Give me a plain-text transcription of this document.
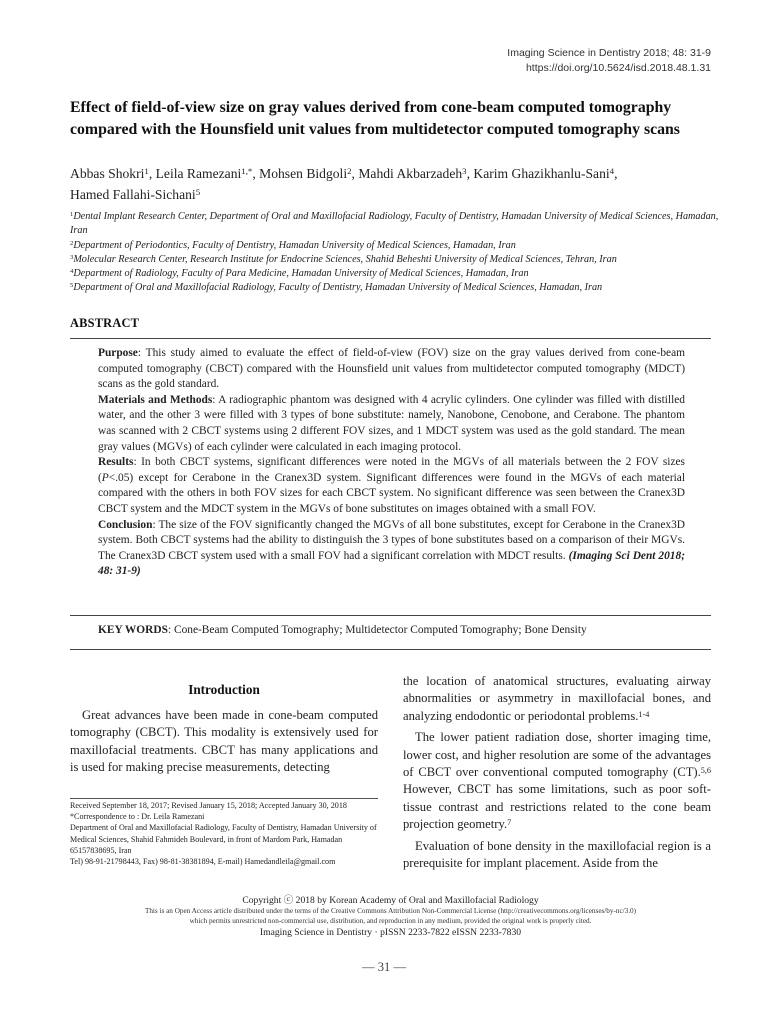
Imaging Science in Dentistry 2018; 48: 31-9
https://doi.org/10.5624/isd.2018.48.1.31
Effect of field-of-view size on gray values derived from cone-beam computed tomography compared with the Hounsfield unit values from multidetector computed tomography scans
Abbas Shokri$^1$, Leila Ramezani$^{1,*}$, Mohsen Bidgoli$^2$, Mahdi Akbarzadeh$^3$, Karim Ghazikhanlu-Sani$^4$,
Hamed Fallahi-Sichani$^5$
$^1$Dental Implant Research Center, Department of Oral and Maxillofacial Radiology, Faculty of Dentistry, Hamadan University of Medical Sciences, Hamadan, Iran
$^2$Department of Periodontics, Faculty of Dentistry, Hamadan University of Medical Sciences, Hamadan, Iran
$^3$Molecular Research Center, Research Institute for Endocrine Sciences, Shahid Beheshti University of Medical Sciences, Tehran, Iran
$^4$Department of Radiology, Faculty of Para Medicine, Hamadan University of Medical Sciences, Hamadan, Iran
$^5$Department of Oral and Maxillofacial Radiology, Faculty of Dentistry, Hamadan University of Medical Sciences, Hamadan, Iran
ABSTRACT

Purpose: This study aimed to evaluate the effect of field-of-view (FOV) size on the gray values derived from cone-beam computed tomography (CBCT) compared with the Hounsfield unit values from multidetector computed tomography (MDCT) scans as the gold standard.

Materials and Methods: A radiographic phantom was designed with 4 acrylic cylinders. One cylinder was filled with distilled water, and the other 3 were filled with 3 types of bone substitute: namely, Nanobone, Cenobone, and Cerabone. The phantom was scanned with 2 CBCT systems using 2 different FOV sizes, and 1 MDCT system was used as the gold standard. The mean gray values (MGVs) of each cylinder were calculated in each imaging protocol.

Results: In both CBCT systems, significant differences were noted in the MGVs of all materials between the 2 FOV sizes (P<.05) except for Cerabone in the Cranex3D system. Significant differences were found in the MGVs of each material compared with the others in both FOV sizes for each CBCT system. No significant difference was seen between the Cranex3D CBCT system and the MDCT system in the MGVs of bone substitutes on images obtained with a small FOV.

Conclusion: The size of the FOV significantly changed the MGVs of all bone substitutes, except for Cerabone in the Cranex3D system. Both CBCT systems had the ability to distinguish the 3 types of bone substitutes based on a comparison of their MGVs. The Cranex3D CBCT system used with a small FOV had a significant correlation with MDCT results. (Imaging Sci Dent 2018; 48: 31-9)

KEY WORDS: Cone-Beam Computed Tomography; Multidetector Computed Tomography; Bone Density
Introduction

Great advances have been made in cone-beam computed tomography (CBCT). This modality is extensively used for maxillofacial treatments. CBCT has many applications and is used for making precise measurements, detecting

Received September 18, 2017; Revised January 15, 2018; Accepted January 30, 2018
*Correspondence to : Dr. Leila Ramezani
Department of Oral and Maxillofacial Radiology, Faculty of Dentistry, Hamadan University of Medical Sciences, Shahid Fahmideh Boulevard, in front of Mardom Park, Hamadan 65157838695, Iran
Tel) 98-91-21798443, Fax) 98-81-38381894, E-mail) Hamedandleila@gmail.com

the location of anatomical structures, evaluating airway abnormalities or asymmetry in maxillofacial bones, and analyzing endodontic or periodontal problems.$^{1-4}$

The lower patient radiation dose, shorter imaging time, lower cost, and higher resolution are some of the advantages of CBCT over conventional computed tomography (CT).$^{5,6}$ However, CBCT has some limitations, such as poor soft-tissue contrast and restrictions related to the cone beam projection geometry.$^7$

Evaluation of bone density in the maxillofacial region is a prerequisite for implant placement. Aside from the

Copyright ⓒ 2018 by Korean Academy of Oral and Maxillofacial Radiology
This is an Open Access article distributed under the terms of the Creative Commons Attribution Non-Commercial License (http://creativecommons.org/licenses/by-nc/3.0)
which permits unrestricted non-commercial use, distribution, and reproduction in any medium, provided the original work is properly cited.
Imaging Science in Dentistry · pISSN 2233-7822 eISSN 2233-7830
— 31 —
